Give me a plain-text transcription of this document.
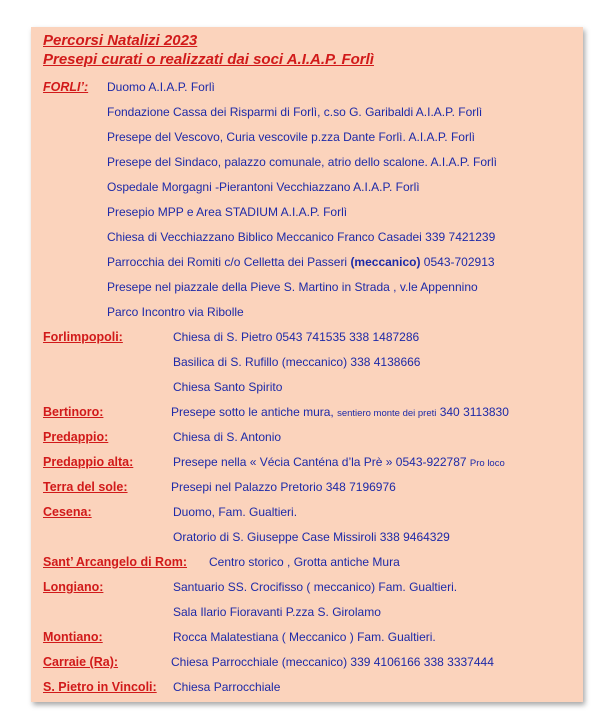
Percorsi Natalizi 2023
Presepi curati o realizzati dai soci A.I.A.P. Forlì
FORLI’: Duomo A.I.A.P. Forlì
Fondazione Cassa dei Risparmi di Forlì, c.so G. Garibaldi A.I.A.P. Forlì
Presepe del Vescovo, Curia vescovile p.zza Dante Forlì. A.I.A.P. Forlì
Presepe del Sindaco, palazzo comunale, atrio dello scalone. A.I.A.P. Forlì
Ospedale Morgagni -Pierantoni Vecchiazzano A.I.A.P. Forlì
Presepio MPP e Area STADIUM A.I.A.P. Forlì
Chiesa di Vecchiazzano Biblico Meccanico Franco Casadei 339 7421239
Parrocchia dei Romiti c/o Celletta dei Passeri (meccanico) 0543-702913
Presepe nel piazzale della Pieve S. Martino in Strada , v.le Appennino
Parco Incontro via Ribolle
Forlimpopoli:	Chiesa di S. Pietro 0543 741535 338 1487286
Basilica di S. Rufillo (meccanico) 338 4138666
Chiesa Santo Spirito
Bertinoro:	Presepe sotto le antiche mura, sentiero monte dei preti 340 3113830
Predappio:	Chiesa di S. Antonio
Predappio alta:	Presepe nella « Vécia Canténa d’la Prè » 0543-922787 Pro loco
Terra del sole:	Presepi nel Palazzo Pretorio 348 7196976
Cesena:	Duomo, Fam. Gualtieri.
Oratorio di S. Giuseppe Case Missiroli 338 9464329
Sant’ Arcangelo di Rom: Centro storico , Grotta antiche Mura
Longiano:	Santuario SS. Crocifisso ( meccanico) Fam. Gualtieri.
Sala Ilario Fioravanti P.zza S. Girolamo
Montiano:	Rocca Malatestiana ( Meccanico ) Fam. Gualtieri.
Carraie (Ra):	Chiesa Parrocchiale (meccanico) 339 4106166 338 3337444
S. Pietro in Vincoli: Chiesa Parrocchiale
